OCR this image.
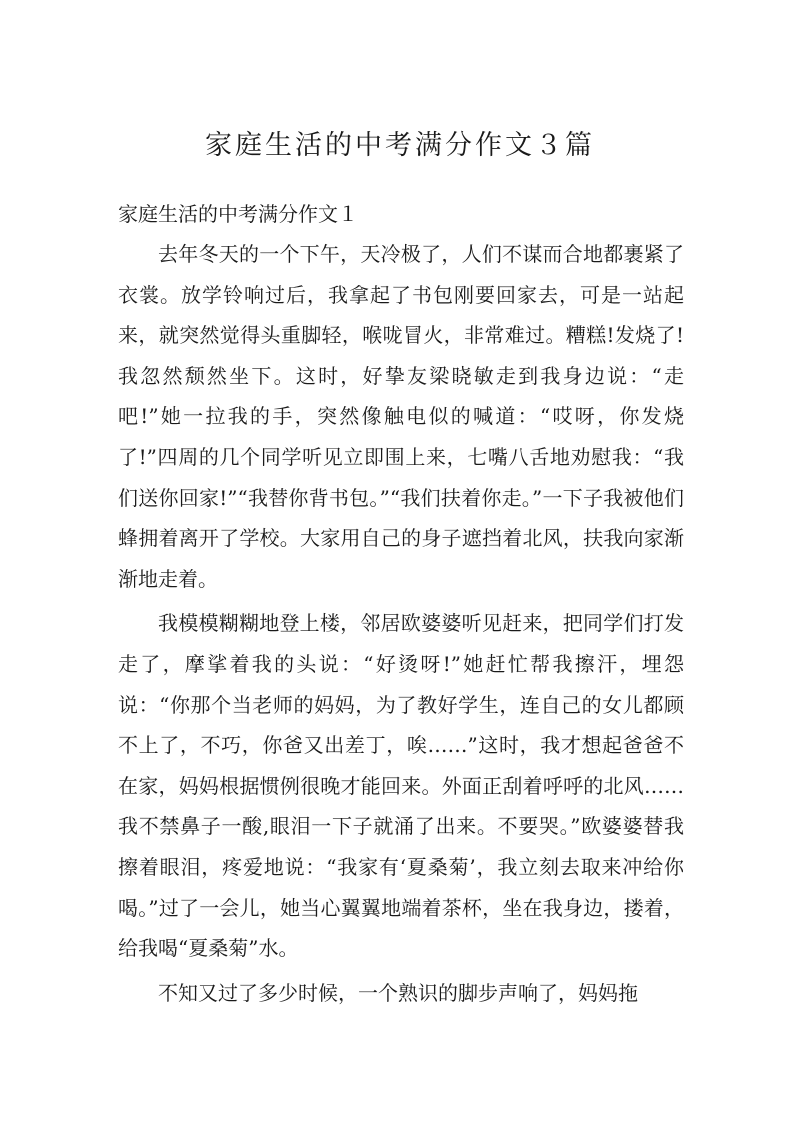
家庭生活的中考满分作文３篇

家庭生活的中考满分作文１

去年冬天的一个下午，天冷极了，人们不谋而合地都裹紧了衣裳。放学铃响过后，我拿起了书包刚要回家去，可是一站起来，就突然觉得头重脚轻，喉咙冒火，非常难过。糟糕!发烧了!我忽然颓然坐下。这时，好挚友梁晓敏走到我身边说：“走吧!”她一拉我的手，突然像触电似的喊道：“哎呀，你发烧了!”四周的几个同学听见立即围上来，七嘴八舌地劝慰我：“我们送你回家!”“我替你背书包。”“我们扶着你走。”一下子我被他们蜂拥着离开了学校。大家用自己的身子遮挡着北风，扶我向家渐渐地走着。

我模模糊糊地登上楼，邻居欧婆婆听见赶来，把同学们打发走了，摩挲着我的头说：“好烫呀!”她赶忙帮我擦汗，埋怨说：“你那个当老师的妈妈，为了教好学生，连自己的女儿都顾不上了，不巧，你爸又出差丁，唉……”这时，我才想起爸爸不在家，妈妈根据惯例很晚才能回来。外面正刮着呼呼的北风……我不禁鼻子一酸,眼泪一下子就涌了出来。不要哭。”欧婆婆替我擦着眼泪，疼爱地说：“我家有‘夏桑菊’，我立刻去取来冲给你喝。”过了一会儿，她当心翼翼地端着茶杯，坐在我身边，搂着，给我喝“夏桑菊”水。

不知又过了多少时候，一个熟识的脚步声响了，妈妈拖
